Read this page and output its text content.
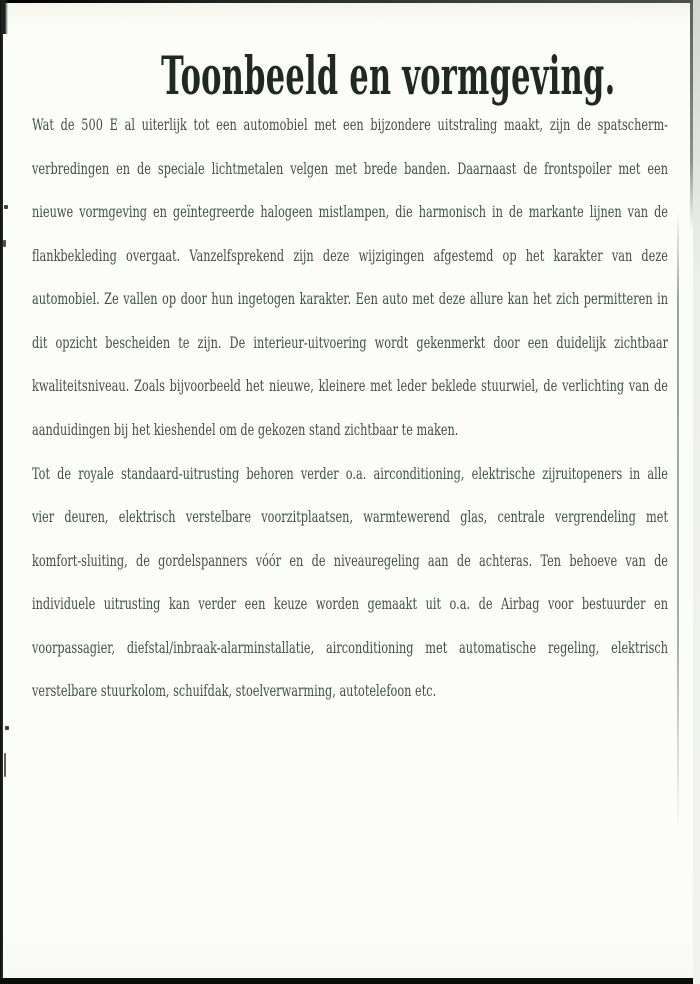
Toonbeeld en vormgeving.
Wat de 500 E al uiterlijk tot een automobiel met een bijzondere uitstraling maakt, zijn de spatscherm-
verbredingen en de speciale lichtmetalen velgen met brede banden. Daarnaast de frontspoiler met een
nieuwe vormgeving en geïntegreerde halogeen mistlampen, die harmonisch in de markante lijnen van de
flankbekleding overgaat. Vanzelfsprekend zijn deze wijzigingen afgestemd op het karakter van deze
automobiel. Ze vallen op door hun ingetogen karakter. Een auto met deze allure kan het zich permitteren in
dit opzicht bescheiden te zijn. De interieur-uitvoering wordt gekenmerkt door een duidelijk zichtbaar
kwaliteitsniveau. Zoals bijvoorbeeld het nieuwe, kleinere met leder beklede stuurwiel, de verlichting van de
aanduidingen bij het kieshendel om de gekozen stand zichtbaar te maken.
Tot de royale standaard-uitrusting behoren verder o.a. airconditioning, elektrische zijruitopeners in alle
vier deuren, elektrisch verstelbare voorzitplaatsen, warmtewerend glas, centrale vergrendeling met
komfort-sluiting, de gordelspanners vóór en de niveauregeling aan de achteras. Ten behoeve van de
individuele uitrusting kan verder een keuze worden gemaakt uit o.a. de Airbag voor bestuurder en
voorpassagier, diefstal/inbraak-alarminstallatie, airconditioning met automatische regeling, elektrisch
verstelbare stuurkolom, schuifdak, stoelverwarming, autotelefoon etc.
